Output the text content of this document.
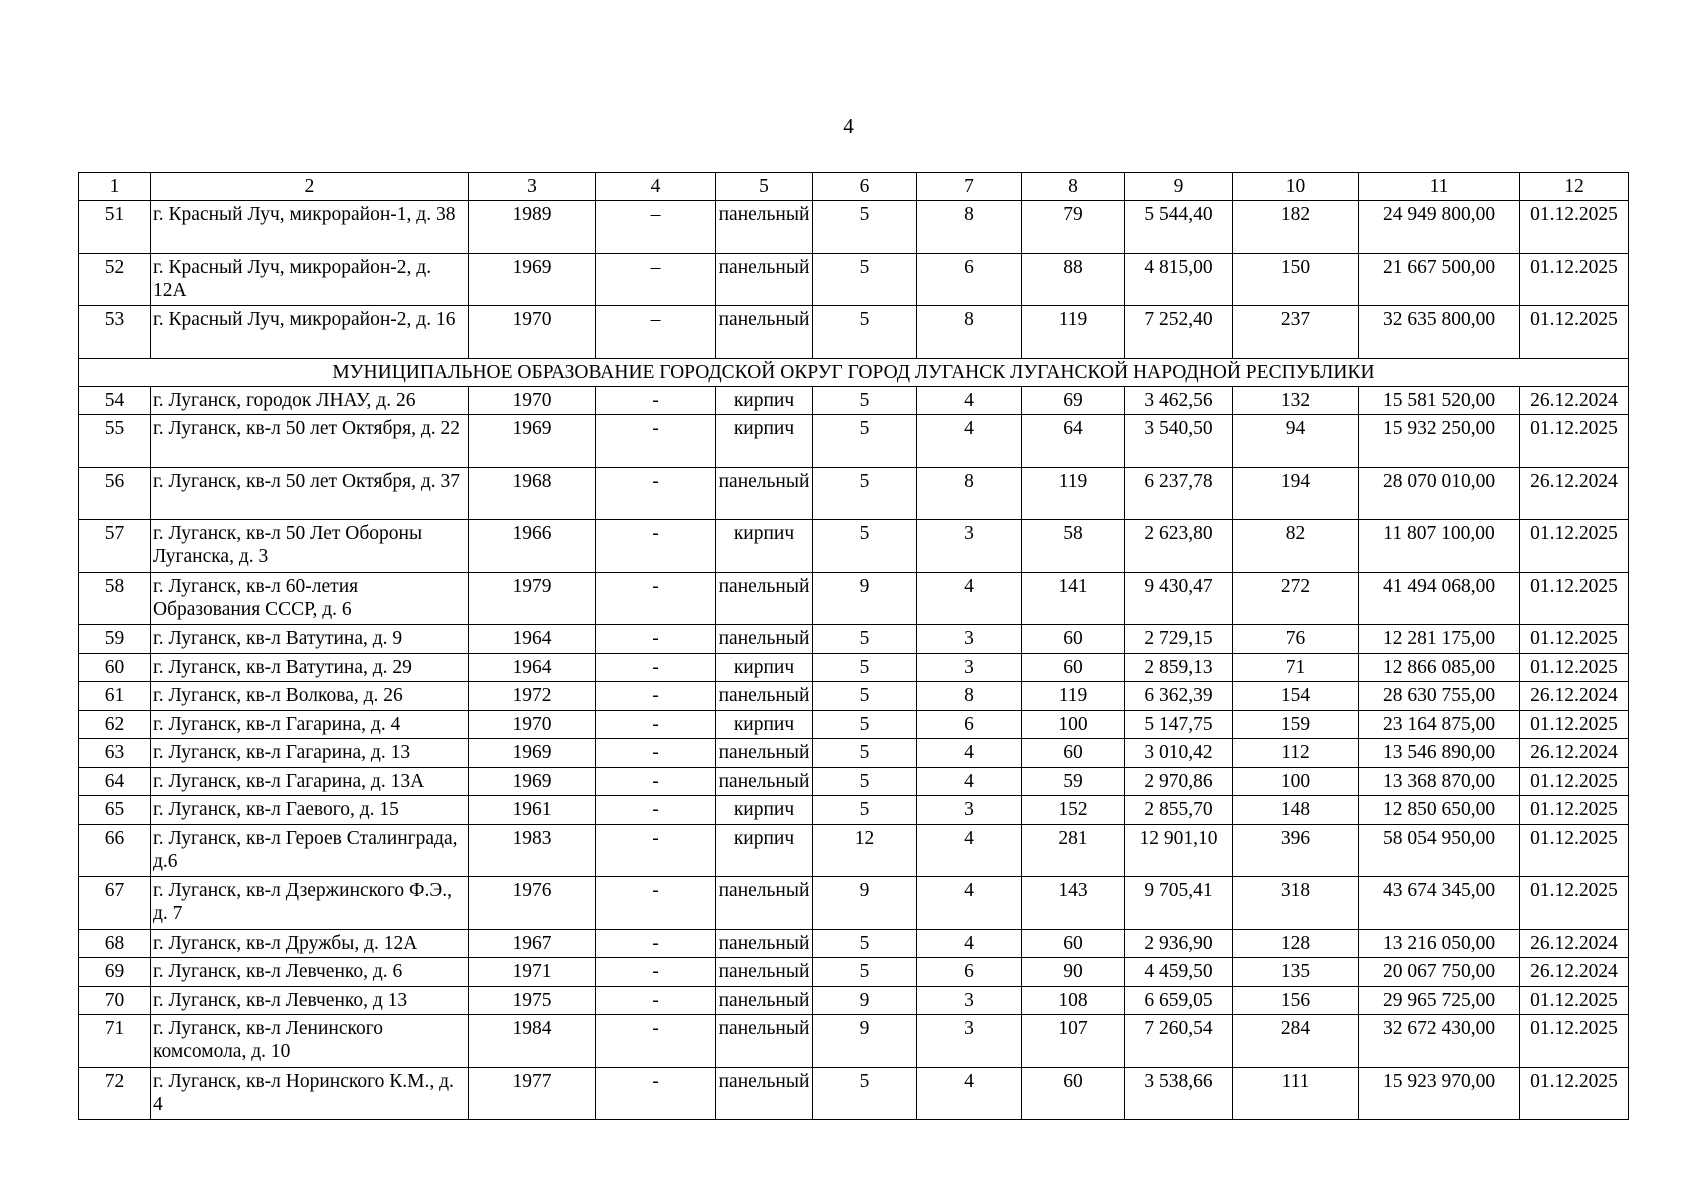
4
1	2	3	4	5	6	7	8	9	10	11	12
51	г. Красный Луч, микрорайон-1, д. 38	1989	–	панельный	5	8	79	5 544,40	182	24 949 800,00	01.12.2025
52	г. Красный Луч, микрорайон-2, д. 12А	1969	–	панельный	5	6	88	4 815,00	150	21 667 500,00	01.12.2025
53	г. Красный Луч, микрорайон-2, д. 16	1970	–	панельный	5	8	119	7 252,40	237	32 635 800,00	01.12.2025
МУНИЦИПАЛЬНОЕ ОБРАЗОВАНИЕ ГОРОДСКОЙ ОКРУГ ГОРОД ЛУГАНСК ЛУГАНСКОЙ НАРОДНОЙ РЕСПУБЛИКИ											
54	г. Луганск, городок ЛНАУ, д. 26	1970	-	кирпич	5	4	69	3 462,56	132	15 581 520,00	26.12.2024
55	г. Луганск, кв-л 50 лет Октября, д. 22	1969	-	кирпич	5	4	64	3 540,50	94	15 932 250,00	01.12.2025
56	г. Луганск, кв-л 50 лет Октября, д. 37	1968	-	панельный	5	8	119	6 237,78	194	28 070 010,00	26.12.2024
57	г. Луганск, кв-л 50 Лет Обороны Луганска, д. 3	1966	-	кирпич	5	3	58	2 623,80	82	11 807 100,00	01.12.2025
58	г. Луганск, кв-л 60-летия Образования СССР, д. 6	1979	-	панельный	9	4	141	9 430,47	272	41 494 068,00	01.12.2025
59	г. Луганск, кв-л Ватутина, д. 9	1964	-	панельный	5	3	60	2 729,15	76	12 281 175,00	01.12.2025
60	г. Луганск, кв-л Ватутина, д. 29	1964	-	кирпич	5	3	60	2 859,13	71	12 866 085,00	01.12.2025
61	г. Луганск, кв-л Волкова, д. 26	1972	-	панельный	5	8	119	6 362,39	154	28 630 755,00	26.12.2024
62	г. Луганск, кв-л Гагарина, д. 4	1970	-	кирпич	5	6	100	5 147,75	159	23 164 875,00	01.12.2025
63	г. Луганск, кв-л Гагарина, д. 13	1969	-	панельный	5	4	60	3 010,42	112	13 546 890,00	26.12.2024
64	г. Луганск, кв-л Гагарина, д. 13А	1969	-	панельный	5	4	59	2 970,86	100	13 368 870,00	01.12.2025
65	г. Луганск, кв-л Гаевого, д. 15	1961	-	кирпич	5	3	152	2 855,70	148	12 850 650,00	01.12.2025
66	г. Луганск, кв-л Героев Сталинграда, д.6	1983	-	кирпич	12	4	281	12 901,10	396	58 054 950,00	01.12.2025
67	г. Луганск, кв-л Дзержинского Ф.Э., д. 7	1976	-	панельный	9	4	143	9 705,41	318	43 674 345,00	01.12.2025
68	г. Луганск, кв-л Дружбы, д. 12А	1967	-	панельный	5	4	60	2 936,90	128	13 216 050,00	26.12.2024
69	г. Луганск, кв-л Левченко, д. 6	1971	-	панельный	5	6	90	4 459,50	135	20 067 750,00	26.12.2024
70	г. Луганск, кв-л Левченко, д 13	1975	-	панельный	9	3	108	6 659,05	156	29 965 725,00	01.12.2025
71	г. Луганск, кв-л Ленинского комсомола, д. 10	1984	-	панельный	9	3	107	7 260,54	284	32 672 430,00	01.12.2025
72	г. Луганск, кв-л Норинского К.М., д. 4	1977	-	панельный	5	4	60	3 538,66	111	15 923 970,00	01.12.2025
